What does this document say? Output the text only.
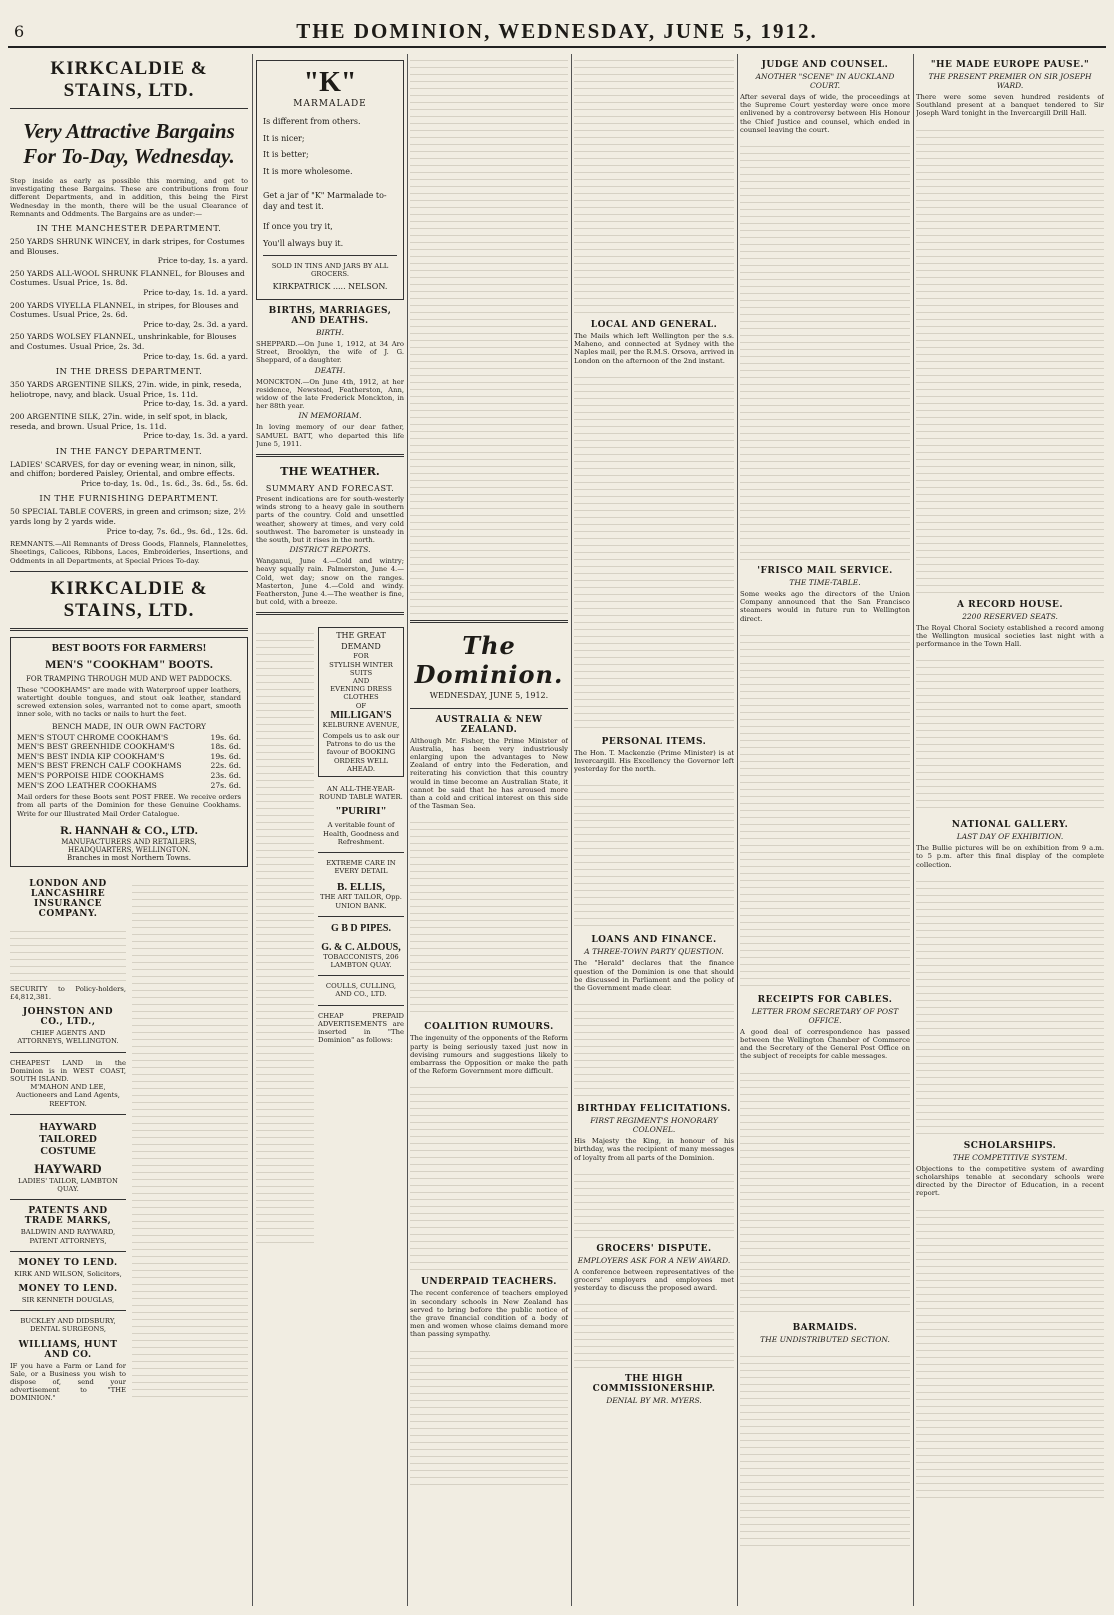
6	THE DOMINION, WEDNESDAY, JUNE 5, 1912.
KIRKCALDIE & STAINS, LTD.
Very Attractive Bargains
For To-Day, Wednesday.
Step inside as early as possible this morning, and get to investigating these Bargains. These are contributions from four different Departments, and in addition, this being the First Wednesday in the month, there will be the usual Clearance of Remnants and Oddments. The Bargains are as under:—
IN THE MANCHESTER DEPARTMENT.
250 YARDS SHRUNK WINCEY, in dark stripes, for Costumes and Blouses.
Price to-day, 1s. a yard.
250 YARDS ALL-WOOL SHRUNK FLANNEL, for Blouses and Costumes. Usual Price, 1s. 8d.
Price to-day, 1s. 1d. a yard.
200 YARDS VIYELLA FLANNEL, in stripes, for Blouses and Costumes. Usual Price, 2s. 6d.
Price to-day, 2s. 3d. a yard.
250 YARDS WOLSEY FLANNEL, unshrinkable, for Blouses and Costumes. Usual Price, 2s. 3d.
Price to-day, 1s. 6d. a yard.
IN THE DRESS DEPARTMENT.
350 YARDS ARGENTINE SILKS, 27in. wide, in pink, reseda, heliotrope, navy, and black. Usual Price, 1s. 11d.
Price to-day, 1s. 3d. a yard.
200 ARGENTINE SILK, 27in. wide, in self spot, in black, reseda, and brown. Usual Price, 1s. 11d.
Price to-day, 1s. 3d. a yard.
IN THE FANCY DEPARTMENT.
LADIES' SCARVES, for day or evening wear, in ninon, silk, and chiffon; bordered Paisley, Oriental, and ombre effects.
Price to-day, 1s. 0d., 1s. 6d., 3s. 6d., 5s. 6d.
IN THE FURNISHING DEPARTMENT.
50 SPECIAL TABLE COVERS, in green and crimson; size, 2½ yards long by 2 yards wide.
Price to-day, 7s. 6d., 9s. 6d., 12s. 6d.
REMNANTS.—All Remnants of Dress Goods, Flannels, Flannelettes, Sheetings, Calicoes, Ribbons, Laces, Embroideries, Insertions, and Oddments in all Departments, at Special Prices To-day.
KIRKCALDIE & STAINS, LTD.
BEST BOOTS FOR FARMERS!
MEN'S "COOKHAM" BOOTS.
FOR TRAMPING THROUGH MUD AND WET PADDOCKS.
These "COOKHAMS" are made with Waterproof upper leathers, watertight double tongues, and stout oak leather, standard screwed extension soles, warranted not to come apart, smooth inner sole, with no tacks or nails to hurt the feet.
BENCH MADE, IN OUR OWN FACTORY
MEN'S STOUT CHROME COOKHAM'S	19s. 6d.
MEN'S BEST GREENHIDE COOKHAM'S	18s. 6d.
MEN'S BEST INDIA KIP COOKHAM'S	19s. 6d.
MEN'S BEST FRENCH CALF COOKHAMS	22s. 6d.
MEN'S PORPOISE HIDE COOKHAMS	23s. 6d.
MEN'S ZOO LEATHER COOKHAMS	27s. 6d.
Mail orders for these Boots sent POST FREE. We receive orders from all parts of the Dominion for these Genuine Cookhams. Write for our Illustrated Mail Order Catalogue.
R. HANNAH & CO., LTD.
MANUFACTURERS AND RETAILERS,
HEADQUARTERS, WELLINGTON.
Branches in most Northern Towns.
LONDON AND LANCASHIRE INSURANCE COMPANY.
SECURITY to Policy-holders, £4,812,381.
JOHNSTON AND CO., LTD.,
CHIEF AGENTS AND ATTORNEYS, WELLINGTON.
CHEAPEST LAND in the Dominion is in WEST COAST, SOUTH ISLAND.
M'MAHON AND LEE, Auctioneers and Land Agents, REEFTON.
HAYWARD TAILORED COSTUME
HAYWARD
LADIES' TAILOR, LAMBTON QUAY.
PATENTS AND TRADE MARKS,
BALDWIN AND RAYWARD, PATENT ATTORNEYS,
MONEY TO LEND.
KIRK AND WILSON, Solicitors,
MONEY TO LEND.
SIR KENNETH DOUGLAS,
BUCKLEY AND DIDSBURY, DENTAL SURGEONS,
WILLIAMS, HUNT AND CO.
IF you have a Farm or Land for Sale, or a Business you wish to dispose of, send your advertisement to "THE DOMINION."
"K"
MARMALADE
Is different from others.
It is nicer;
It is better;
It is more wholesome.
Get a jar of "K" Marmalade to-day and test it.
If once you try it,
You'll always buy it.
SOLD IN TINS AND JARS BY ALL GROCERS.
KIRKPATRICK ..... NELSON.
BIRTHS, MARRIAGES, AND DEATHS.
BIRTH.
SHEPPARD.—On June 1, 1912, at 34 Aro Street, Brooklyn, the wife of J. G. Sheppard, of a daughter.
DEATH.
MONCKTON.—On June 4th, 1912, at her residence, Newstead, Featherston, Ann, widow of the late Frederick Monckton, in her 88th year.
IN MEMORIAM.
In loving memory of our dear father, SAMUEL BATT, who departed this life June 5, 1911.
THE WEATHER.
SUMMARY AND FORECAST.
Present indications are for south-westerly winds strong to a heavy gale in southern parts of the country. Cold and unsettled weather, showery at times, and very cold southwest. The barometer is unsteady in the south, but it rises in the north.
DISTRICT REPORTS.
Wanganui, June 4.—Cold and wintry; heavy squally rain. Palmerston, June 4.—Cold, wet day; snow on the ranges. Masterton, June 4.—Cold and windy. Featherston, June 4.—The weather is fine, but cold, with a breeze.
THE GREAT DEMAND
FOR
STYLISH WINTER SUITS
AND
EVENING DRESS CLOTHES
OF
MILLIGAN'S
KELBURNE AVENUE,
Compels us to ask our Patrons to do us the favour of BOOKING ORDERS WELL AHEAD.
AN ALL-THE-YEAR-ROUND TABLE WATER.
"PURIRI"
A veritable fount of Health, Goodness and Refreshment.
EXTREME CARE IN EVERY DETAIL
B. ELLIS,
THE ART TAILOR, Opp. UNION BANK.
G B D PIPES.
G. & C. ALDOUS,
TOBACCONISTS, 206 LAMBTON QUAY.
COULLS, CULLING, AND CO., LTD.
CHEAP PREPAID ADVERTISEMENTS are inserted in "The Dominion" as follows:
The Dominion.
WEDNESDAY, JUNE 5, 1912.
AUSTRALIA & NEW ZEALAND.
Although Mr. Fisher, the Prime Minister of Australia, has been very industriously enlarging upon the advantages to New Zealand of entry into the Federation, and reiterating his conviction that this country would in time become an Australian State, it cannot be said that he has aroused more than a cold and critical interest on this side of the Tasman Sea.
COALITION RUMOURS.
The ingenuity of the opponents of the Reform party is being seriously taxed just now in devising rumours and suggestions likely to embarrass the Opposition or make the path of the Reform Government more difficult.
UNDERPAID TEACHERS.
The recent conference of teachers employed in secondary schools in New Zealand has served to bring before the public notice of the grave financial condition of a body of men and women whose claims demand more than passing sympathy.
LOCAL AND GENERAL.
The Mails which left Wellington per the s.s. Maheno, and connected at Sydney with the Naples mail, per the R.M.S. Orsova, arrived in London on the afternoon of the 2nd instant.
PERSONAL ITEMS.
The Hon. T. Mackenzie (Prime Minister) is at Invercargill. His Excellency the Governor left yesterday for the north.
LOANS AND FINANCE.
A THREE-TOWN PARTY QUESTION.
The "Herald" declares that the finance question of the Dominion is one that should be discussed in Parliament and the policy of the Government made clear.
BIRTHDAY FELICITATIONS.
FIRST REGIMENT'S HONORARY COLONEL.
His Majesty the King, in honour of his birthday, was the recipient of many messages of loyalty from all parts of the Dominion.
GROCERS' DISPUTE.
EMPLOYERS ASK FOR A NEW AWARD.
A conference between representatives of the grocers' employers and employees met yesterday to discuss the proposed award.
THE HIGH COMMISSIONERSHIP.
DENIAL BY MR. MYERS.
JUDGE AND COUNSEL.
ANOTHER "SCENE" IN AUCKLAND COURT.
After several days of wide, the proceedings at the Supreme Court yesterday were once more enlivened by a controversy between His Honour the Chief Justice and counsel, which ended in counsel leaving the court.
'FRISCO MAIL SERVICE.
THE TIME-TABLE.
Some weeks ago the directors of the Union Company announced that the San Francisco steamers would in future run to Wellington direct.
RECEIPTS FOR CABLES.
LETTER FROM SECRETARY OF POST OFFICE.
A good deal of correspondence has passed between the Wellington Chamber of Commerce and the Secretary of the General Post Office on the subject of receipts for cable messages.
BARMAIDS.
THE UNDISTRIBUTED SECTION.
"HE MADE EUROPE PAUSE."
THE PRESENT PREMIER ON SIR JOSEPH WARD.
There were some seven hundred residents of Southland present at a banquet tendered to Sir Joseph Ward tonight in the Invercargill Drill Hall.
A RECORD HOUSE.
2200 RESERVED SEATS.
The Royal Choral Society established a record among the Wellington musical societies last night with a performance in the Town Hall.
NATIONAL GALLERY.
LAST DAY OF EXHIBITION.
The Bullie pictures will be on exhibition from 9 a.m. to 5 p.m. after this final display of the complete collection.
SCHOLARSHIPS.
THE COMPETITIVE SYSTEM.
Objections to the competitive system of awarding scholarships tenable at secondary schools were directed by the Director of Education, in a recent report.
